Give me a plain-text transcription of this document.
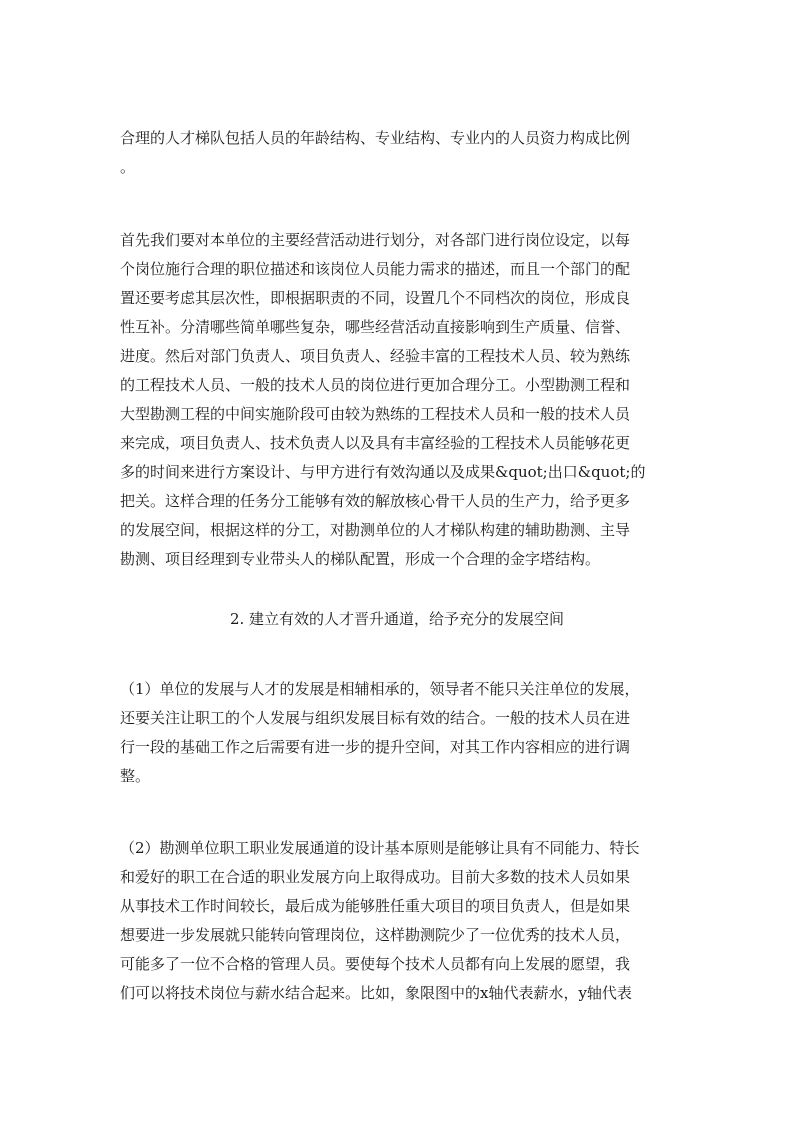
合理的人才梯队包括人员的年龄结构、专业结构、专业内的人员资力构成比例
。

首先我们要对本单位的主要经营活动进行划分，对各部门进行岗位设定，以每
个岗位施行合理的职位描述和该岗位人员能力需求的描述，而且一个部门的配
置还要考虑其层次性，即根据职责的不同，设置几个不同档次的岗位，形成良
性互补。分清哪些简单哪些复杂，哪些经营活动直接影响到生产质量、信誉、
进度。然后对部门负责人、项目负责人、经验丰富的工程技术人员、较为熟练
的工程技术人员、一般的技术人员的岗位进行更加合理分工。小型勘测工程和
大型勘测工程的中间实施阶段可由较为熟练的工程技术人员和一般的技术人员
来完成，项目负责人、技术负责人以及具有丰富经验的工程技术人员能够花更
多的时间来进行方案设计、与甲方进行有效沟通以及成果&quot;出口&quot;的
把关。这样合理的任务分工能够有效的解放核心骨干人员的生产力，给予更多
的发展空间，根据这样的分工，对勘测单位的人才梯队构建的辅助勘测、主导
勘测、项目经理到专业带头人的梯队配置，形成一个合理的金字塔结构。

2. 建立有效的人才晋升通道，给予充分的发展空间

（1）单位的发展与人才的发展是相辅相承的，领导者不能只关注单位的发展，
还要关注让职工的个人发展与组织发展目标有效的结合。一般的技术人员在进
行一段的基础工作之后需要有进一步的提升空间，对其工作内容相应的进行调
整。

（2）勘测单位职工职业发展通道的设计基本原则是能够让具有不同能力、特长
和爱好的职工在合适的职业发展方向上取得成功。目前大多数的技术人员如果
从事技术工作时间较长，最后成为能够胜任重大项目的项目负责人，但是如果
想要进一步发展就只能转向管理岗位，这样勘测院少了一位优秀的技术人员，
可能多了一位不合格的管理人员。要使每个技术人员都有向上发展的愿望，我
们可以将技术岗位与薪水结合起来。比如，象限图中的x轴代表薪水，y轴代表
